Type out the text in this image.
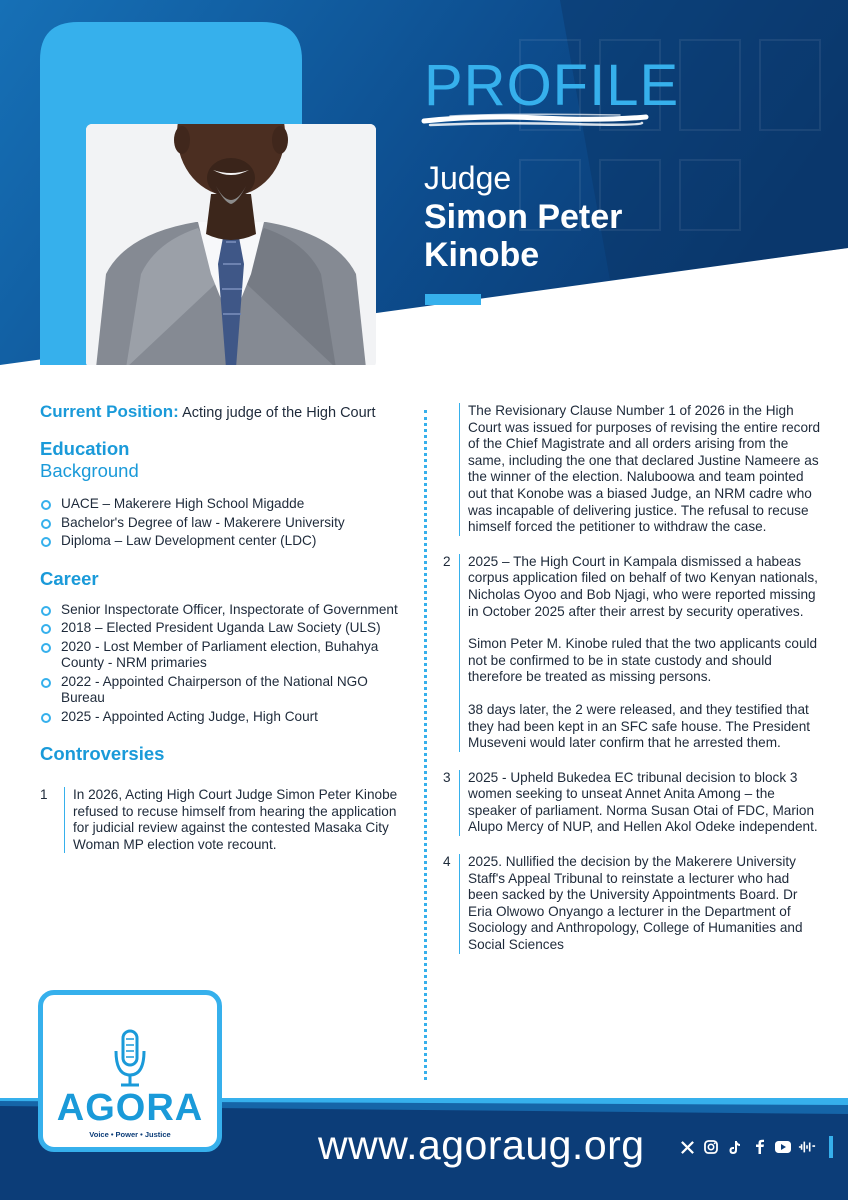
PROFILE
Judge
Simon Peter Kinobe
Current Position: Acting judge of the High Court
Education
Background
UACE – Makerere High School Migadde
Bachelor's Degree of law - Makerere University
Diploma – Law Development center (LDC)
Career
Senior Inspectorate Officer, Inspectorate of Government
2018 – Elected President Uganda Law Society (ULS)
2020 - Lost Member of Parliament election, Buhahya County - NRM primaries
2022 - Appointed Chairperson of the National NGO Bureau
2025 - Appointed Acting Judge, High Court
Controversies
1	In 2026, Acting High Court Judge Simon Peter Kinobe refused to recuse himself from hearing the application for judicial review against the contested Masaka City Woman MP election vote recount.
The Revisionary Clause Number 1 of 2026 in the High Court was issued for purposes of revising the entire record of the Chief Magistrate and all orders arising from the same, including the one that declared Justine Nameere as the winner of the election. Naluboowa and team pointed out that Konobe was a biased Judge, an NRM cadre who was incapable of delivering justice. The refusal to recuse himself forced the petitioner to withdraw the case.
2 2025 – The High Court in Kampala dismissed a habeas corpus application filed on behalf of two Kenyan nationals, Nicholas Oyoo and Bob Njagi, who were reported missing in October 2025 after their arrest by security operatives.

Simon Peter M. Kinobe ruled that the two applicants could not be confirmed to be in state custody and should therefore be treated as missing persons.

38 days later, the 2 were released, and they testified that they had been kept in an SFC safe house. The President Museveni would later confirm that he arrested them.

3	2025 - Upheld Bukedea EC tribunal decision to block 3 women seeking to unseat Annet Anita Among – the speaker of parliament. Norma Susan Otai of FDC, Marion Alupo Mercy of NUP, and Hellen Akol Odeke independent.
4	2025. Nullified the decision by the Makerere University Staff's Appeal Tribunal to reinstate a lecturer who had been sacked by the University Appointments Board. Dr Eria Olwowo Onyango a lecturer in the Department of Sociology and Anthropology, College of Humanities and Social Sciences
www.agoraug.org
AGORA
Voice • Power • Justice
